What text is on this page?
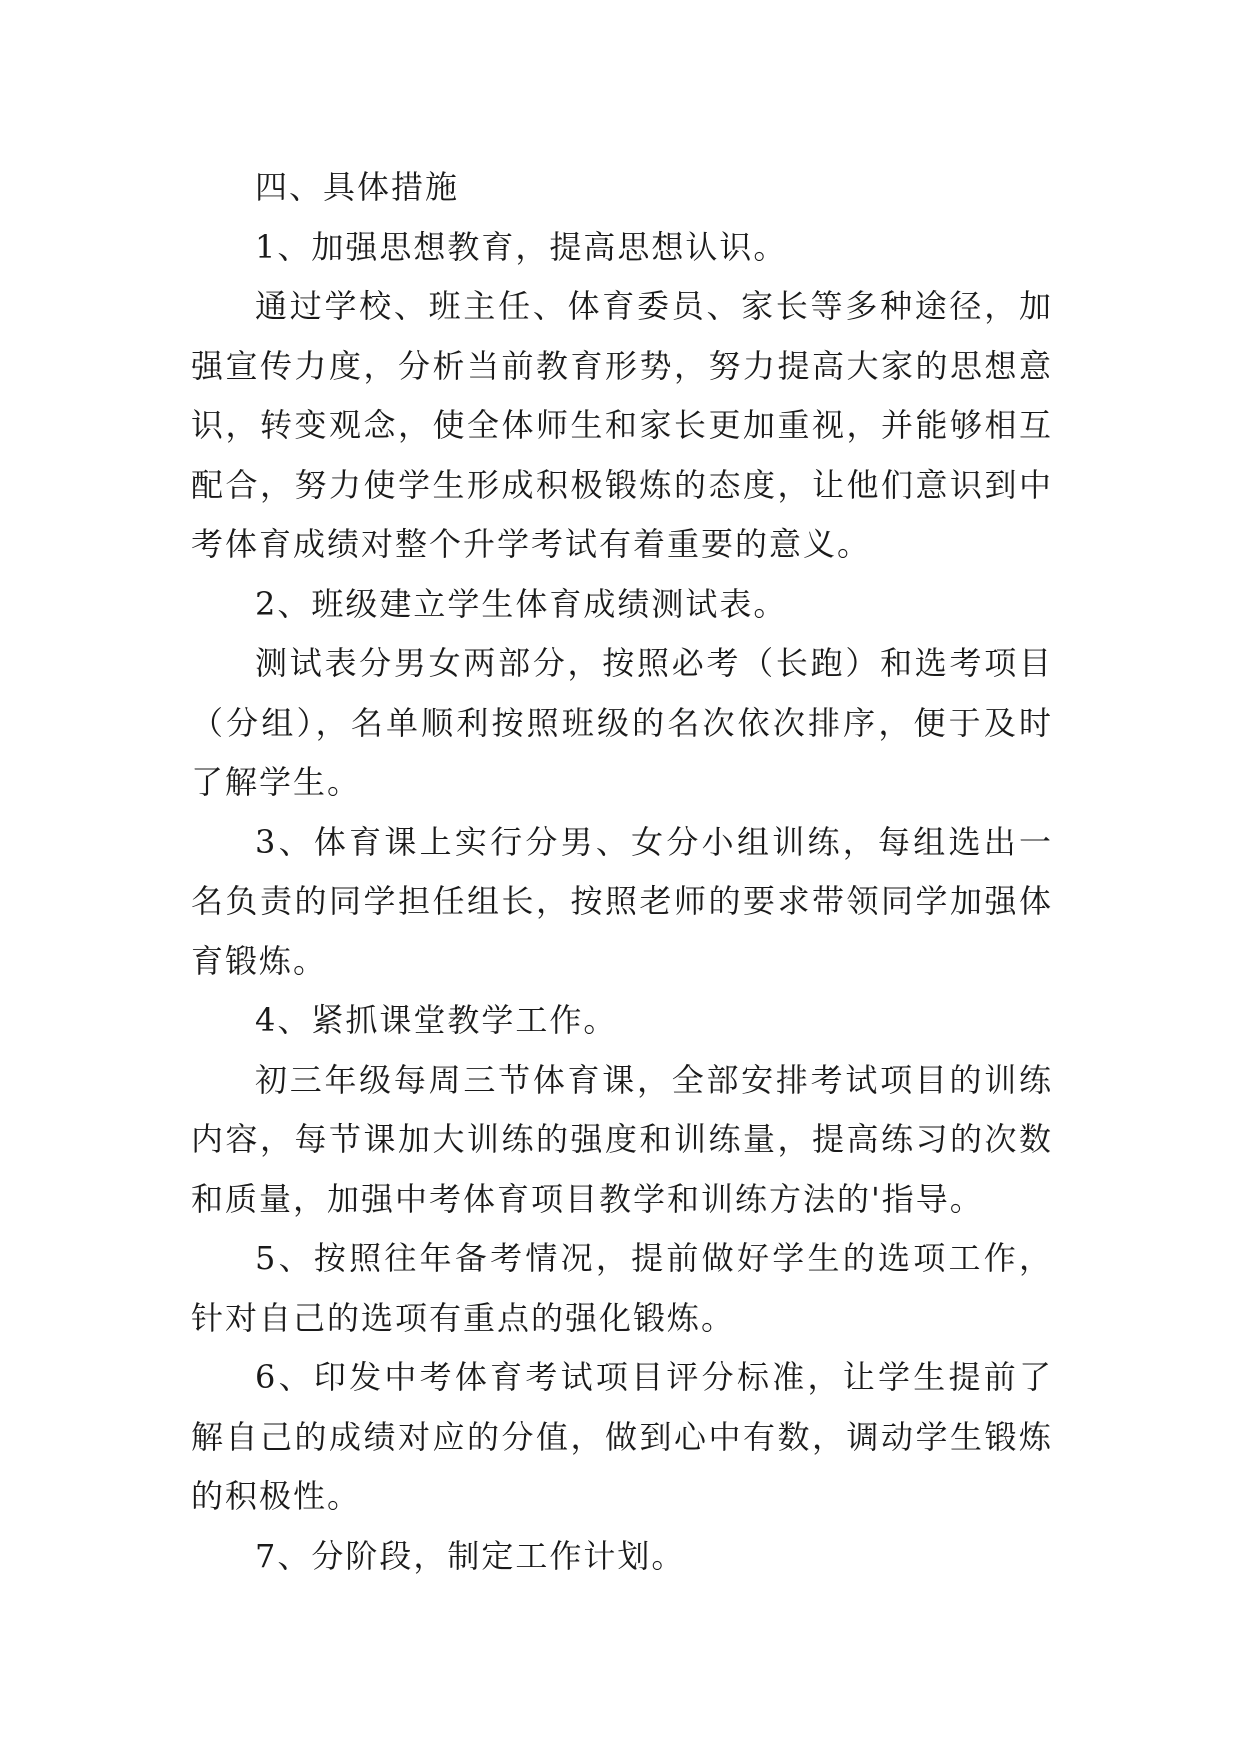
四、具体措施

1、加强思想教育，提高思想认识。

通过学校、班主任、体育委员、家长等多种途径，加强宣传力度，分析当前教育形势，努力提高大家的思想意识，转变观念，使全体师生和家长更加重视，并能够相互配合，努力使学生形成积极锻炼的态度，让他们意识到中考体育成绩对整个升学考试有着重要的意义。

2、班级建立学生体育成绩测试表。

测试表分男女两部分，按照必考（长跑）和选考项目（分组），名单顺利按照班级的名次依次排序，便于及时了解学生。

3、体育课上实行分男、女分小组训练，每组选出一名负责的同学担任组长，按照老师的要求带领同学加强体育锻炼。

4、紧抓课堂教学工作。

初三年级每周三节体育课，全部安排考试项目的训练内容，每节课加大训练的强度和训练量，提高练习的次数和质量，加强中考体育项目教学和训练方法的'指导。

5、按照往年备考情况，提前做好学生的选项工作，针对自己的选项有重点的强化锻炼。

6、印发中考体育考试项目评分标准，让学生提前了解自己的成绩对应的分值，做到心中有数，调动学生锻炼的积极性。

7、分阶段，制定工作计划。
